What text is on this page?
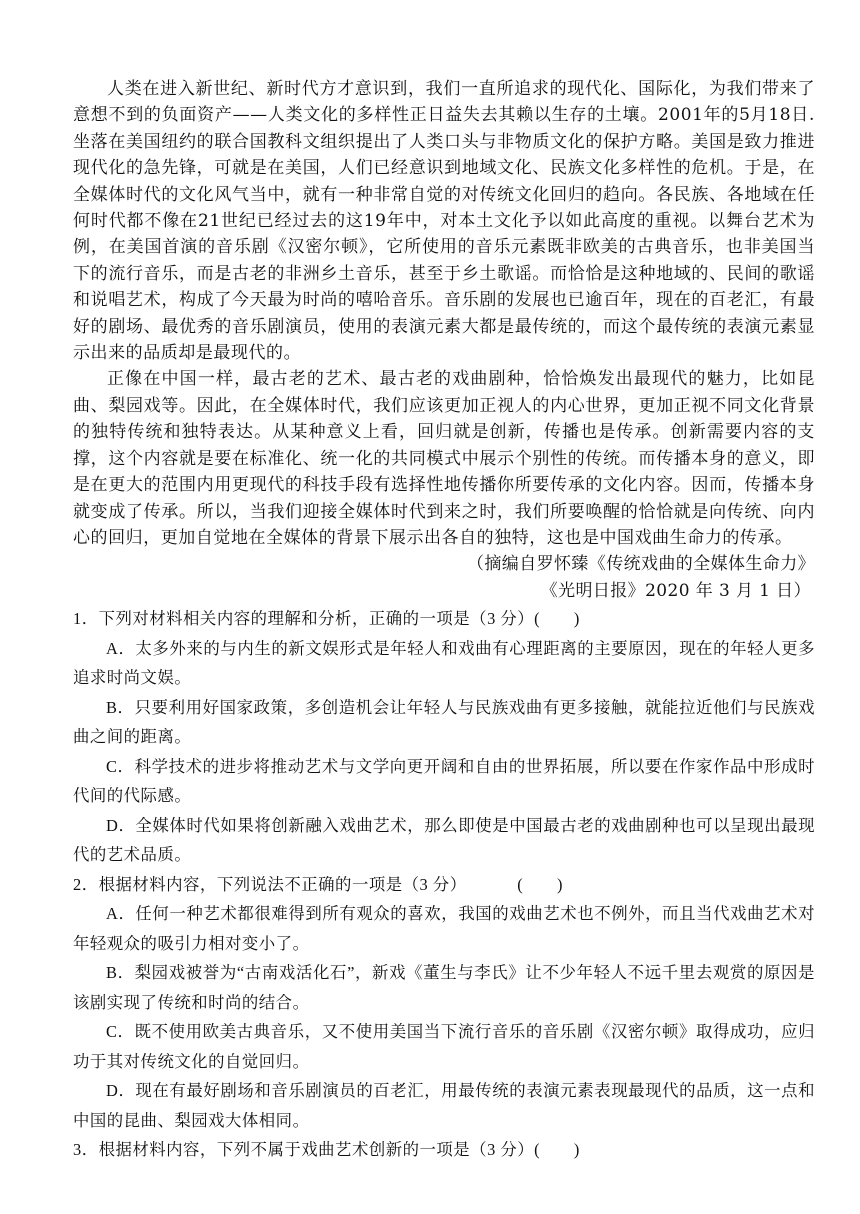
人类在进入新世纪、新时代方才意识到，我们一直所追求的现代化、国际化，为我们带来了意想不到的负面资产——人类文化的多样性正日益失去其赖以生存的土壤。2001年的5月18日.坐落在美国纽约的联合国教科文组织提出了人类口头与非物质文化的保护方略。美国是致力推进现代化的急先锋，可就是在美国，人们已经意识到地域文化、民族文化多样性的危机。于是，在全媒体时代的文化风气当中，就有一种非常自觉的对传统文化回归的趋向。各民族、各地域在任何时代都不像在21世纪已经过去的这19年中，对本土文化予以如此高度的重视。以舞台艺术为例，在美国首演的音乐剧《汉密尔顿》，它所使用的音乐元素既非欧美的古典音乐，也非美国当下的流行音乐，而是古老的非洲乡土音乐，甚至于乡土歌谣。而恰恰是这种地域的、民间的歌谣和说唱艺术，构成了今天最为时尚的嘻哈音乐。音乐剧的发展也已逾百年，现在的百老汇，有最好的剧场、最优秀的音乐剧演员，使用的表演元素大都是最传统的，而这个最传统的表演元素显示出来的品质却是最现代的。

正像在中国一样，最古老的艺术、最古老的戏曲剧种，恰恰焕发出最现代的魅力，比如昆曲、梨园戏等。因此，在全媒体时代，我们应该更加正视人的内心世界，更加正视不同文化背景的独特传统和独特表达。从某种意义上看，回归就是创新，传播也是传承。创新需要内容的支撑，这个内容就是要在标准化、统一化的共同模式中展示个别性的传统。而传播本身的意义，即是在更大的范围内用更现代的科技手段有选择性地传播你所要传承的文化内容。因而，传播本身就变成了传承。所以，当我们迎接全媒体时代到来之时，我们所要唤醒的恰恰就是向传统、向内心的回归，更加自觉地在全媒体的背景下展示出各自的独特，这也是中国戏曲生命力的传承。

（摘编自罗怀臻《传统戏曲的全媒体生命力》

《光明日报》2020 年 3 月 1 日）

1．下列对材料相关内容的理解和分析，正确的一项是（3 分）(　　)

A．太多外来的与内生的新文娱形式是年轻人和戏曲有心理距离的主要原因，现在的年轻人更多追求时尚文娱。

B．只要利用好国家政策，多创造机会让年轻人与民族戏曲有更多接触，就能拉近他们与民族戏曲之间的距离。

C．科学技术的进步将推动艺术与文学向更开阔和自由的世界拓展，所以要在作家作品中形成时代间的代际感。

D．全媒体时代如果将创新融入戏曲艺术，那么即使是中国最古老的戏曲剧种也可以呈现出最现代的艺术品质。

2．根据材料内容，下列说法不正确的一项是（3 分）　　　(　　)

A．任何一种艺术都很难得到所有观众的喜欢，我国的戏曲艺术也不例外，而且当代戏曲艺术对年轻观众的吸引力相对变小了。

B．梨园戏被誉为“古南戏活化石”，新戏《董生与李氏》让不少年轻人不远千里去观赏的原因是该剧实现了传统和时尚的结合。

C．既不使用欧美古典音乐，又不使用美国当下流行音乐的音乐剧《汉密尔顿》取得成功，应归功于其对传统文化的自觉回归。

D．现在有最好剧场和音乐剧演员的百老汇，用最传统的表演元素表现最现代的品质，这一点和中国的昆曲、梨园戏大体相同。

3．根据材料内容，下列不属于戏曲艺术创新的一项是（3 分）(　　)
